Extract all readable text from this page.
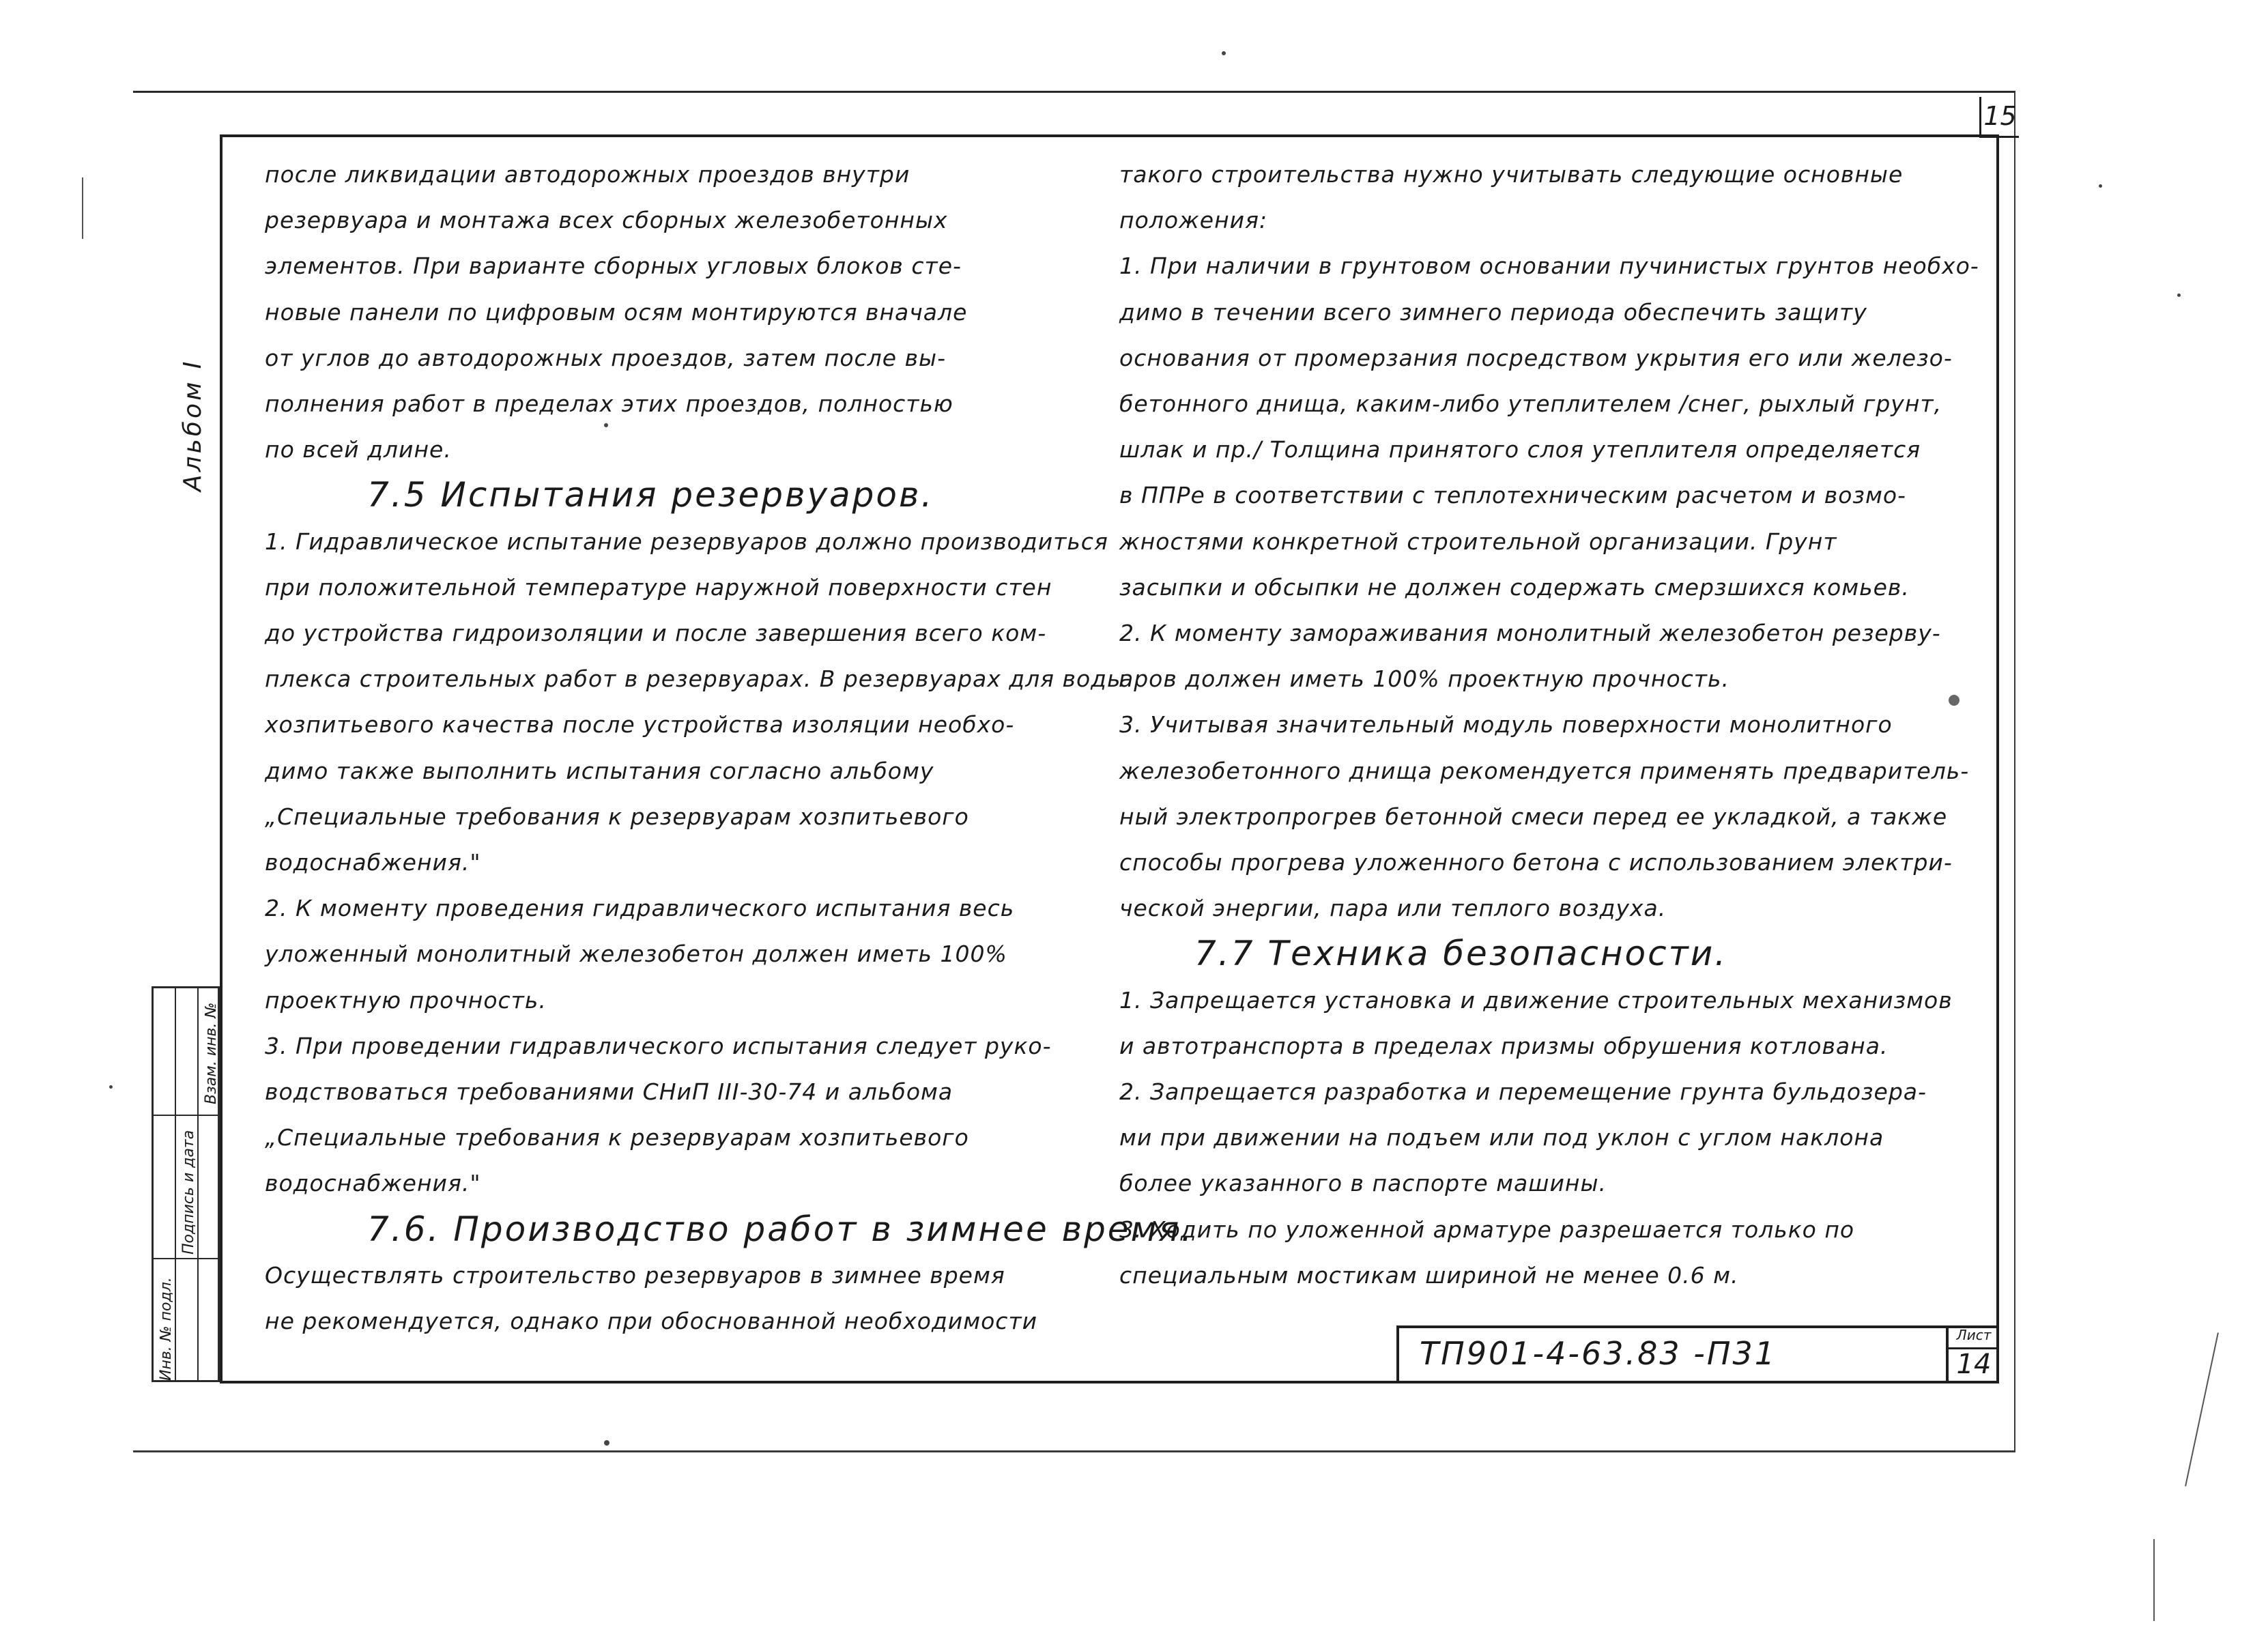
15
Альбом I
Инв. № подл.
Подпись и дата
Взам. инв. №

после ликвидации автодорожных проездов внутри

резервуара и монтажа всех сборных железобетонных

элементов. При варианте сборных угловых блоков сте-

новые панели по цифровым осям монтируются вначале

от углов до автодорожных проездов, затем после вы-

полнения работ в пределах этих проездов, полностью

по всей длине.

7.5 Испытания резервуаров.

1. Гидравлическое испытание резервуаров должно производиться

при положительной температуре наружной поверхности стен

до устройства гидроизоляции и после завершения всего ком-

плекса строительных работ в резервуарах. В резервуарах для воды

хозпитьевого качества после устройства изоляции необхо-

димо также выполнить испытания согласно альбому

„Специальные требования к резервуарам хозпитьевого

водоснабжения."

2. К моменту проведения гидравлического испытания весь

уложенный монолитный железобетон должен иметь 100%

проектную прочность.

3. При проведении гидравлического испытания следует руко-

водствоваться требованиями СНиП III-30-74 и альбома

„Специальные требования к резервуарам хозпитьевого

водоснабжения."

7.6. Производство работ в зимнее время.

Осуществлять строительство резервуаров в зимнее время

не рекомендуется, однако при обоснованной необходимости

такого строительства нужно учитывать следующие основные

положения:

1. При наличии в грунтовом основании пучинистых грунтов необхо-

димо в течении всего зимнего периода обеспечить защиту

основания от промерзания посредством укрытия его или железо-

бетонного днища, каким-либо утеплителем /снег, рыхлый грунт,

шлак и пр./ Толщина принятого слоя утеплителя определяется

в ППРе в соответствии с теплотехническим расчетом и возмо-

жностями конкретной строительной организации. Грунт

засыпки и обсыпки не должен содержать смерзшихся комьев.

2. К моменту замораживания монолитный железобетон резерву-

аров должен иметь 100% проектную прочность.

3. Учитывая значительный модуль поверхности монолитного

железобетонного днища рекомендуется применять предваритель-

ный электропрогрев бетонной смеси перед ее укладкой, а также

способы прогрева уложенного бетона с использованием электри-

ческой энергии, пара или теплого воздуха.

7.7 Техника безопасности.

1. Запрещается установка и движение строительных механизмов

и автотранспорта в пределах призмы обрушения котлована.

2. Запрещается разработка и перемещение грунта бульдозера-

ми при движении на подъем или под уклон с углом наклона

более указанного в паспорте машины.

3. Ходить по уложенной арматуре разрешается только по

специальным мостикам шириной не менее 0.6 м.

ТП901-4-63.83 -П31	Лист
14
